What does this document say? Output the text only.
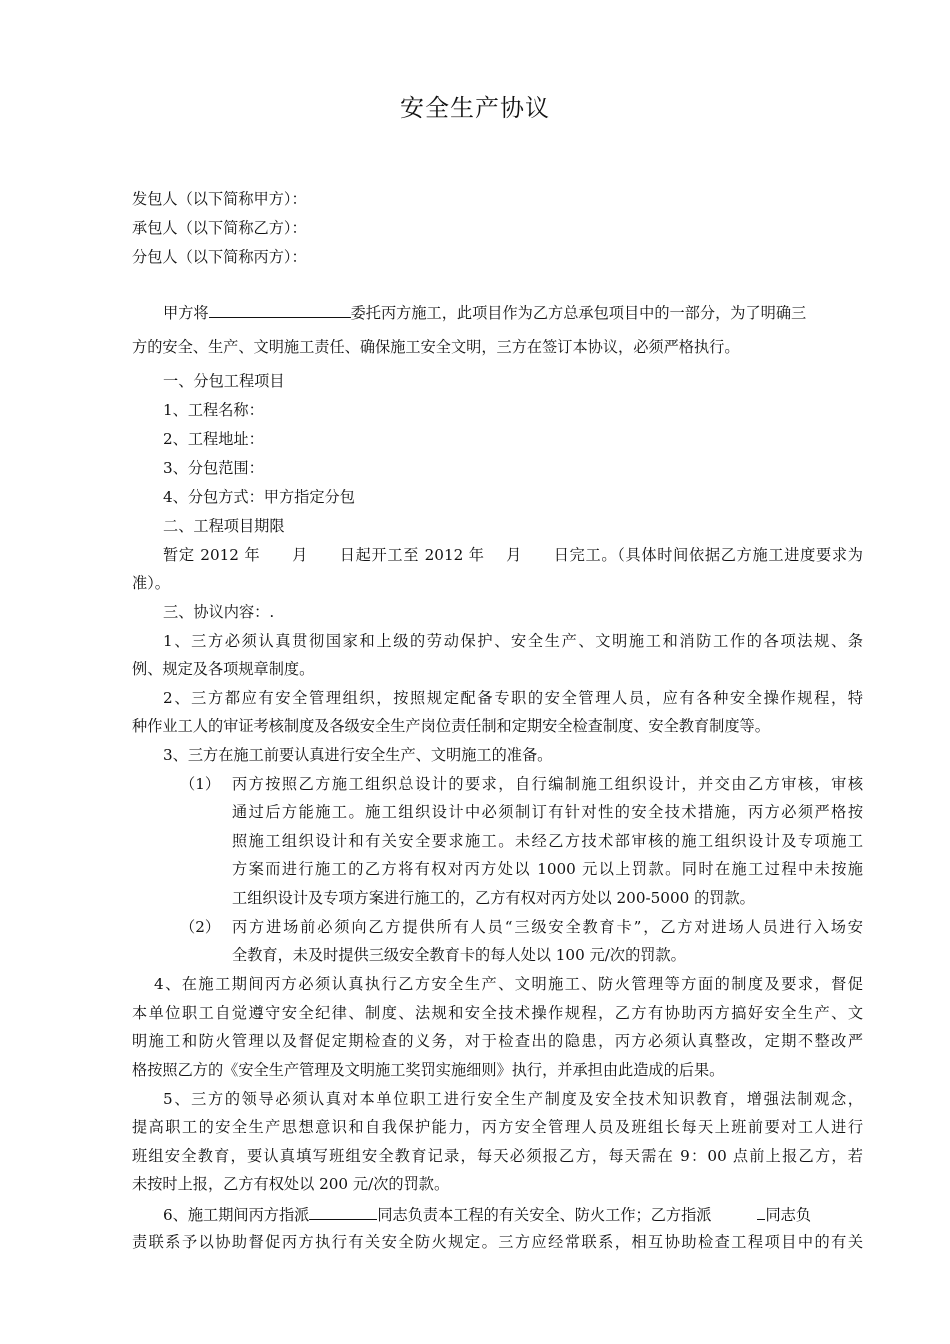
安全生产协议
发包人（以下简称甲方）：
承包人（以下简称乙方）：
分包人（以下简称丙方）：
甲方将	委托丙方施工，此项目作为乙方总承包项目中的一部分，为了明确三
方的安全、生产、文明施工责任、确保施工安全文明，三方在签订本协议，必须严格执行。
一、分包工程项目
1、工程名称：
2、工程地址：
3、分包范围：
4、分包方式：甲方指定分包
二、工程项目期限
暂定 2012 年　　月　　日起开工至 2012 年　 月　　日完工。（具体时间依据乙方施工进度要求为
准）。
三、协议内容：.
1、三方必须认真贯彻国家和上级的劳动保护、安全生产、文明施工和消防工作的各项法规、条
例、规定及各项规章制度。
2、三方都应有安全管理组织，按照规定配备专职的安全管理人员，应有各种安全操作规程，特
种作业工人的审证考核制度及各级安全生产岗位责任制和定期安全检查制度、安全教育制度等。
3、三方在施工前要认真进行安全生产、文明施工的准备。
（1） 丙方按照乙方施工组织总设计的要求，自行编制施工组织设计，并交由乙方审核，审核
通过后方能施工。施工组织设计中必须制订有针对性的安全技术措施，丙方必须严格按
照施工组织设计和有关安全要求施工。未经乙方技术部审核的施工组织设计及专项施工
方案而进行施工的乙方将有权对丙方处以 1000 元以上罚款。同时在施工过程中未按施
工组织设计及专项方案进行施工的，乙方有权对丙方处以 200-5000 的罚款。
（2） 丙方进场前必须向乙方提供所有人员“三级安全教育卡”，乙方对进场人员进行入场安
全教育，未及时提供三级安全教育卡的每人处以 100 元/次的罚款。
4、在施工期间丙方必须认真执行乙方安全生产、文明施工、防火管理等方面的制度及要求，督促
本单位职工自觉遵守安全纪律、制度、法规和安全技术操作规程，乙方有协助丙方搞好安全生产、文
明施工和防火管理以及督促定期检查的义务，对于检查出的隐患，丙方必须认真整改，定期不整改严
格按照乙方的《安全生产管理及文明施工奖罚实施细则》执行，并承担由此造成的后果。
5、三方的领导必须认真对本单位职工进行安全生产制度及安全技术知识教育，增强法制观念，
提高职工的安全生产思想意识和自我保护能力，丙方安全管理人员及班组长每天上班前要对工人进行
班组安全教育，要认真填写班组安全教育记录，每天必须报乙方，每天需在 9：00 点前上报乙方，若
未按时上报，乙方有权处以 200 元/次的罚款。
6、施工期间丙方指派	同志负责本工程的有关安全、防火工作；乙方指派	同志负
责联系予以协助督促丙方执行有关安全防火规定。三方应经常联系，相互协助检查工程项目中的有关
